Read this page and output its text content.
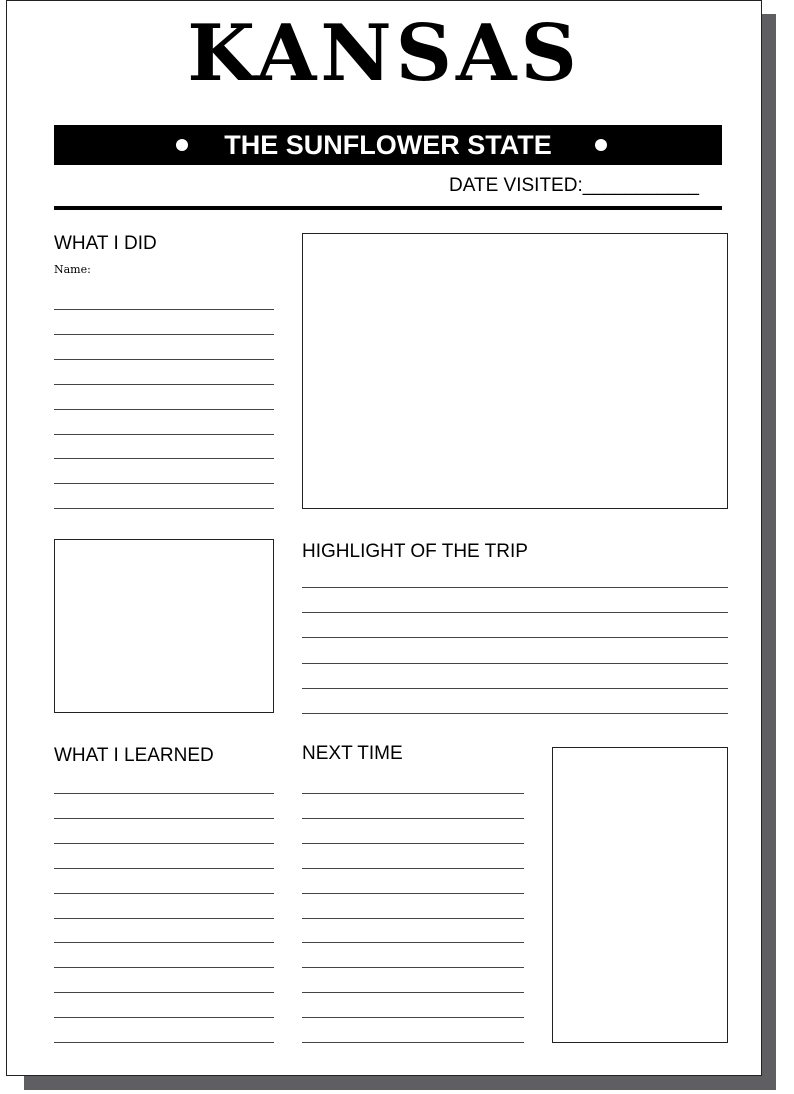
KANSAS
THE SUNFLOWER STATE
DATE VISITED:___________
WHAT I DID
Name:
HIGHLIGHT OF THE TRIP
WHAT I LEARNED	NEXT TIME
